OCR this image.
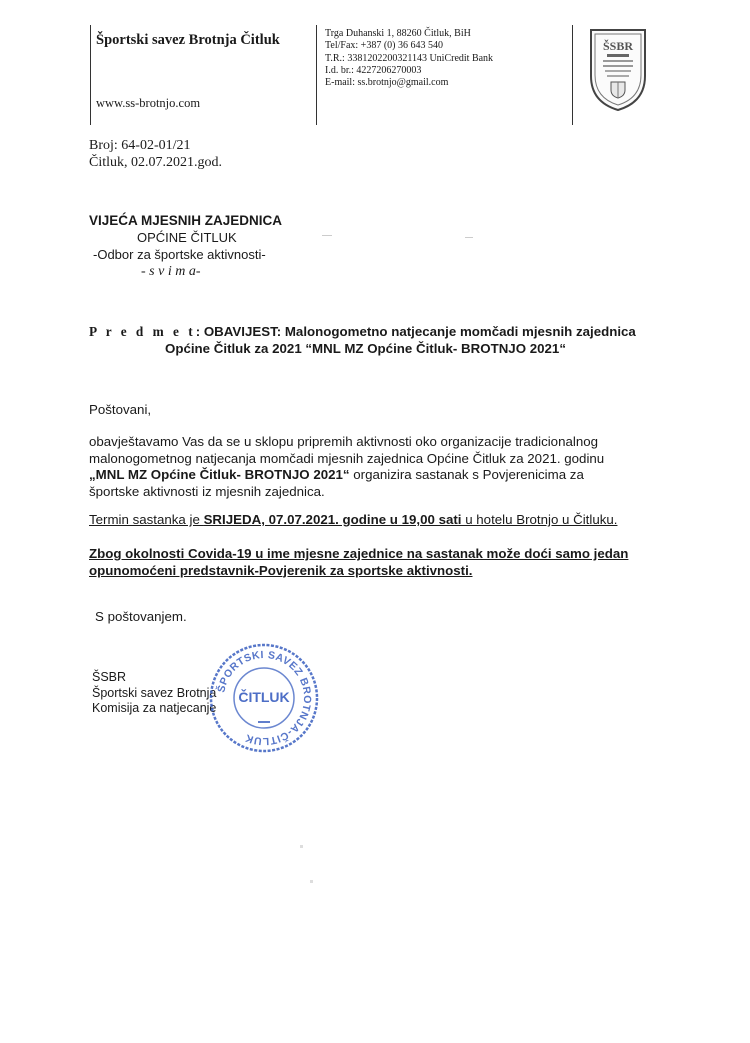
Športski savez Brotnja Čitluk
www.ss-brotnjo.com
Trga Duhanski 1, 88260 Čitluk, BiH
Tel/Fax: +387 (0) 36 643 540
T.R.: 3381202200321143 UniCredit Bank
I.d. br.: 4227206270003
E-mail: ss.brotnjo@gmail.com
ŠSBR
Broj: 64-02-01/21
Čitluk, 02.07.2021.god.
VIJEĆA MJESNIH ZAJEDNICA
OPĆINE ČITLUK
-Odbor za športske aktivnosti-
- s v i m a-
P r e d m e t: OBAVIJEST: Malonogometno natjecanje momčadi mjesnih zajednica
Općine Čitluk za 2021 “MNL MZ Općine Čitluk- BROTNJO 2021“
Poštovani,
obavještavamo Vas da se u sklopu pripremih aktivnosti oko organizacije tradicionalnog
malonogometnog natjecanja momčadi mjesnih zajednica Općine Čitluk za 2021. godinu
„MNL MZ Općine Čitluk- BROTNJO 2021“ organizira sastanak s Povjerenicima za
športske aktivnosti iz mjesnih zajednica.
Termin sastanka je SRIJEDA, 07.07.2021. godine u 19,00 sati u hotelu Brotnjo u Čitluku.
Zbog okolnosti Covida-19 u ime mjesne zajednice na sastanak može doći samo jedan
opunomoćeni predstavnik-Povjerenik za sportske aktivnosti.
S poštovanjem.
ŠSBR
Športski savez Brotnja
Komisija za natjecanje
ŠPORTSKI SAVEZ BROTNJA-ČITLUK
ČITLUK
